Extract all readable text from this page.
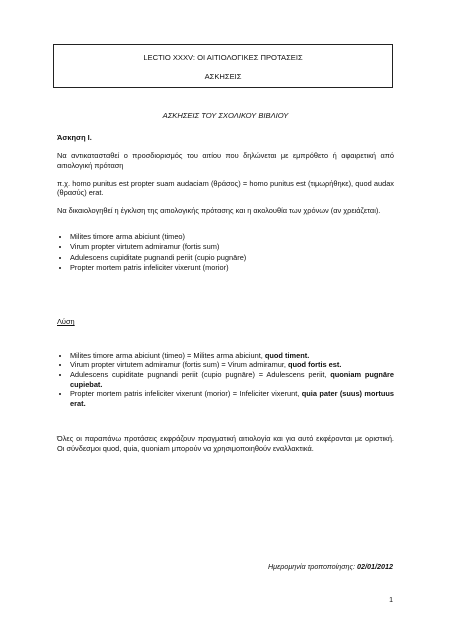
LECTIO XXXV: ΟΙ ΑΙΤΙΟΛΟΓΙΚΕΣ ΠΡΟΤΑΣΕΙΣ
ΑΣΚΗΣΕΙΣ
ΑΣΚΗΣΕΙΣ ΤΟΥ ΣΧΟΛΙΚΟΥ ΒΙΒΛΙΟΥ
Άσκηση Ι.

Να αντικατασταθεί ο προσδιορισμός του αιτίου που δηλώνεται με εμπρόθετο ή αφαιρετική από αιτιολογική πρόταση

π.χ. homo punitus est propter suam audaciam (θράσος) = homo punitus est (τιμωρήθηκε), quod audax (θρασύς) erat.

Να δικαιολογηθεί η έγκλιση της αιτιολογικής πρότασης και η ακολουθία των χρόνων (αν χρειάζεται).

• Milites timore arma abiciunt (timeo)
• Virum propter virtutem admiramur (fortis sum)
• Adulescens cupiditate pugnandi periit (cupio pugnāre)
• Propter mortem patris infeliciter vixerunt (morior)
Λύση
• Milites timore arma abiciunt (timeo) = Milites arma abiciunt, quod timent.
• Virum propter virtutem admiramur (fortis sum) = Virum admiramur, quod fortis est.
• Adulescens cupiditate pugnandi periit (cupio pugnāre) = Adulescens periit, quoniam pugnāre cupiebat.
• Propter mortem patris infeliciter vixerunt (morior) = Infeliciter vixerunt, quia pater (suus) mortuus erat.

Όλες οι παραπάνω προτάσεις εκφράζουν πραγματική αιτιολογία και για αυτό εκφέρονται με οριστική. Οι σύνδεσμοι quod, quia, quoniam μπορούν να χρησιμοποιηθούν εναλλακτικά.

Ημερομηνία τροποποίησης: 02/01/2012
1
